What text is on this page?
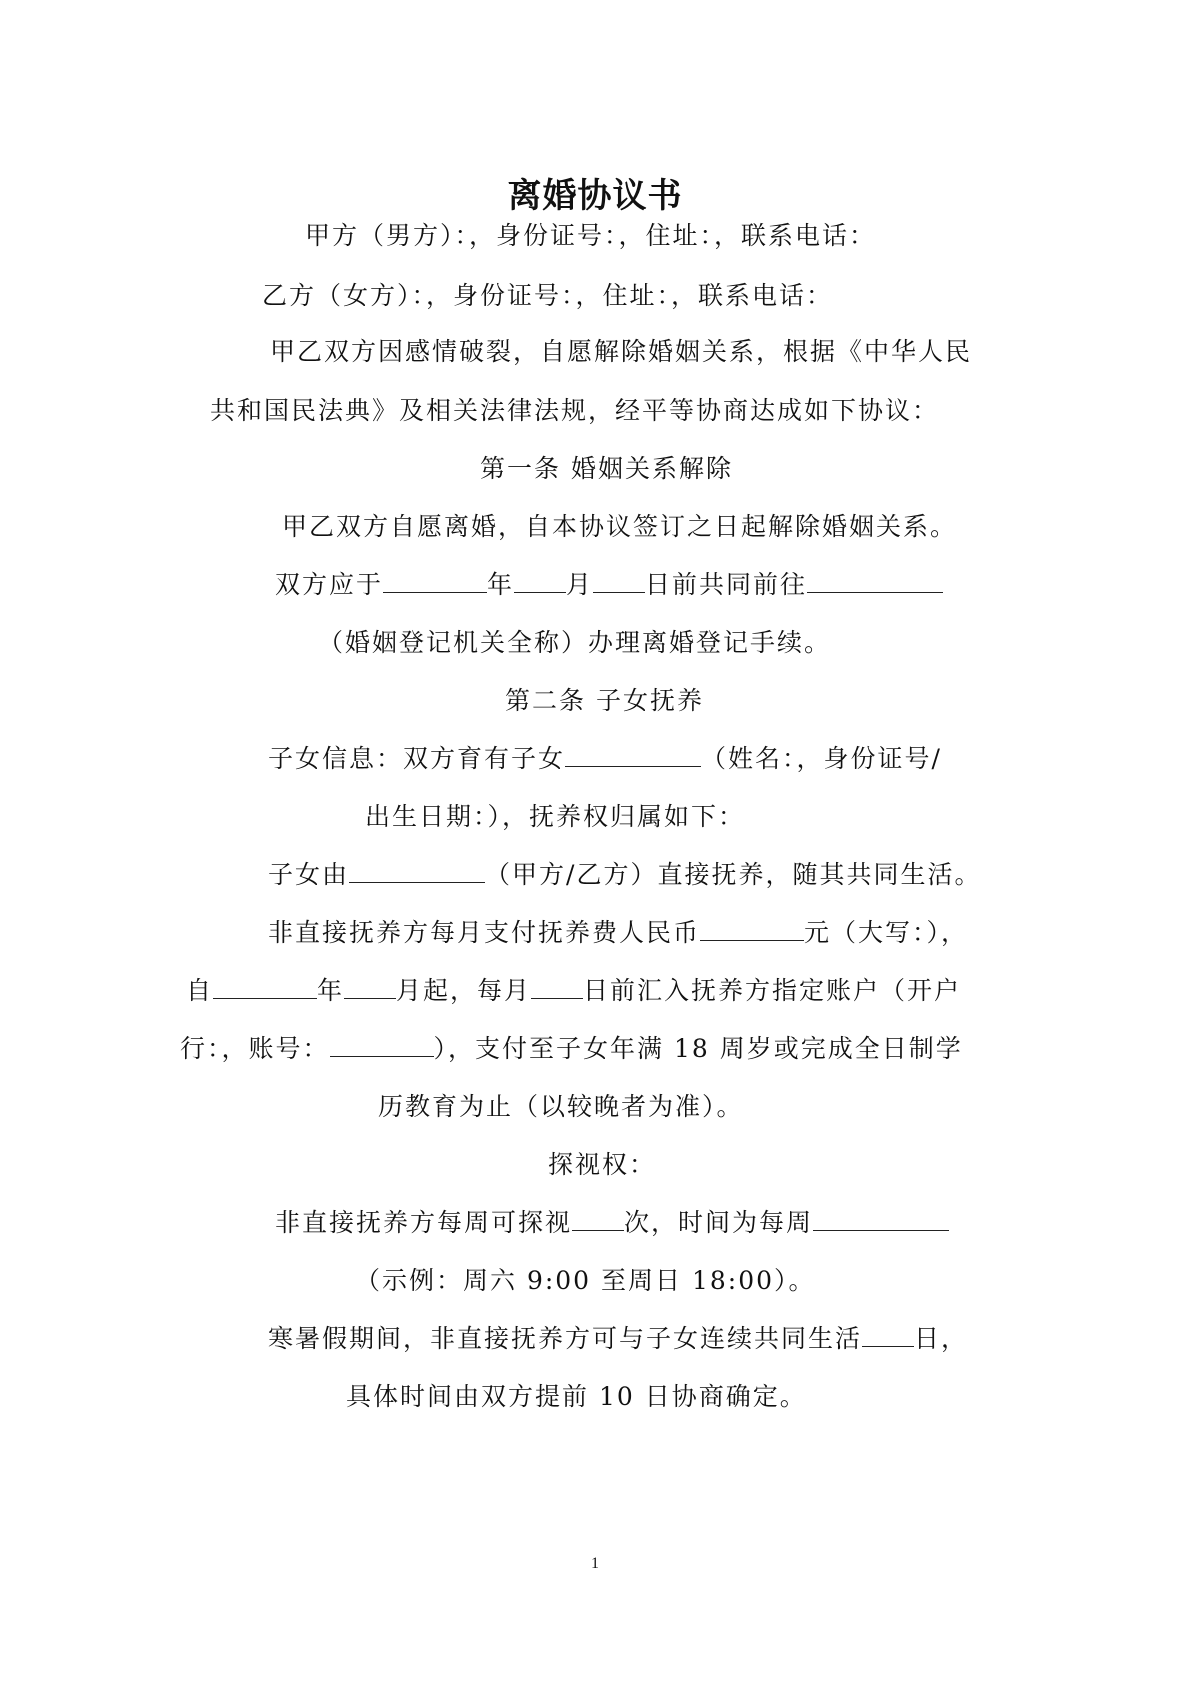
离婚协议书
甲方（男方）：，身份证号：，住址：，联系电话：
乙方（女方）：，身份证号：，住址：，联系电话：
甲乙双方因感情破裂，自愿解除婚姻关系，根据《中华人民
共和国民法典》及相关法律法规，经平等协商达成如下协议：
第一条 婚姻关系解除
甲乙双方自愿离婚，自本协议签订之日起解除婚姻关系。
双方应于	年 月 日前共同前往
（婚姻登记机关全称）办理离婚登记手续。
第二条 子女抚养
子女信息：双方育有子女	（姓名：，身份证号/
出生日期：），抚养权归属如下：
子女由	（甲方/乙方）直接抚养，随其共同生活。
非直接抚养方每月支付抚养费人民币	元（大写：），
自	年 月起，每月 日前汇入抚养方指定账户（开户
行：，账号：	），支付至子女年满 18 周岁或完成全日制学
历教育为止（以较晚者为准）。
探视权：
非直接抚养方每周可探视 次，时间为每周
（示例：周六 9:00 至周日 18:00）。
寒暑假期间，非直接抚养方可与子女连续共同生活 日，
具体时间由双方提前 10 日协商确定。
1
